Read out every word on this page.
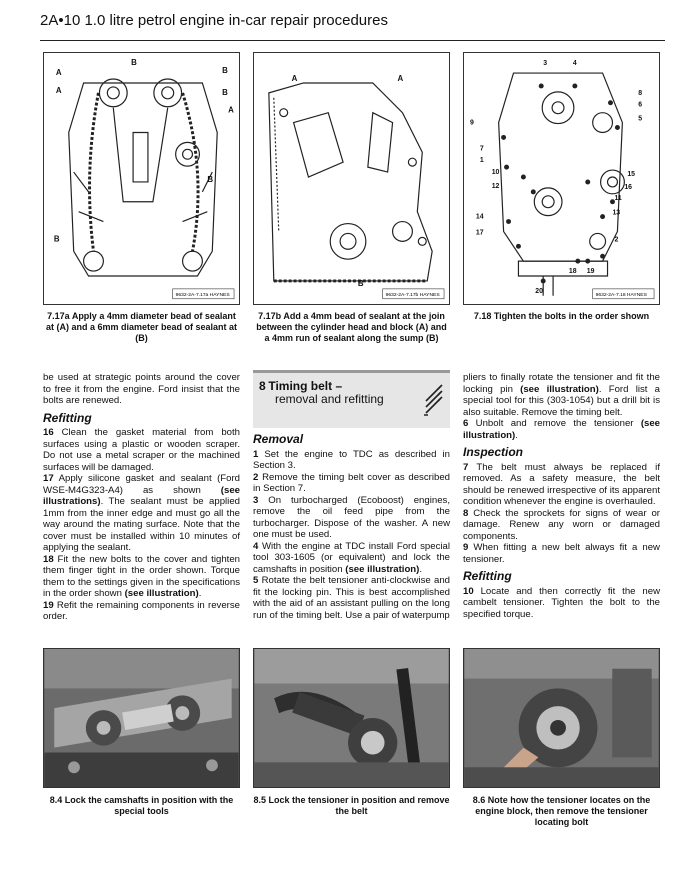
2A•10 1.0 litre petrol engine in-car repair procedures
A
B
B
A
B
B
A
B
9632-2A-7.17a HAYNES
A	A
B
9632-2A-7.17b HAYNES
3	4
8
6
5
9
7
1
10
12
15
16
11
13
14
17
2
18 19
20
9632-2A-7.18 HAYNES
7.17a Apply a 4mm diameter bead of sealant at (A) and a 6mm diameter bead of sealant at (B)
7.17b Add a 4mm bead of sealant at the join between the cylinder head and block (A) and a 4mm run of sealant along the sump (B)
7.18 Tighten the bolts in the order shown

be used at strategic points around the cover to free it from the engine. Ford insist that the bolts are renewed.

Refitting

16 Clean the gasket material from both surfaces using a plastic or wooden scraper. Do not use a metal scraper or the machined surfaces will be damaged.

17 Apply silicone gasket and sealant (Ford WSE-M4G323-A4) as shown (see illustrations). The sealant must be applied 1mm from the inner edge and must go all the way around the mating surface. Note that the cover must be installed within 10 minutes of applying the sealant.

18 Fit the new bolts to the cover and tighten them finger tight in the order shown. Torque them to the settings given in the specifications in the order shown (see illustration).

19 Refit the remaining components in reverse order.

8 Timing belt –
removal and refitting
Removal

1 Set the engine to TDC as described in Section 3.

2 Remove the timing belt cover as described in Section 7.

3 On turbocharged (Ecoboost) engines, remove the oil feed pipe from the turbocharger. Dispose of the washer. A new one must be used.

4 With the engine at TDC install Ford special tool 303-1605 (or equivalent) and lock the camshafts in position (see illustration).

5 Rotate the belt tensioner anti-clockwise and fit the locking pin. This is best accomplished with the aid of an assistant pulling on the long run of the timing belt. Use a pair of waterpump

pliers to finally rotate the tensioner and fit the locking pin (see illustration). Ford list a special tool for this (303-1054) but a drill bit is also suitable. Remove the timing belt.

6 Unbolt and remove the tensioner (see illustration).

Inspection

7 The belt must always be replaced if removed. As a safety measure, the belt should be renewed irrespective of its apparent condition whenever the engine is overhauled.

8 Check the sprockets for signs of wear or damage. Renew any worn or damaged components.

9 When fitting a new belt always fit a new tensioner.

Refitting

10 Locate and then correctly fit the new cambelt tensioner. Tighten the bolt to the specified torque.

8.4 Lock the camshafts in position with the special tools
8.5 Lock the tensioner in position and remove the belt
8.6 Note how the tensioner locates on the engine block, then remove the tensioner locating bolt
